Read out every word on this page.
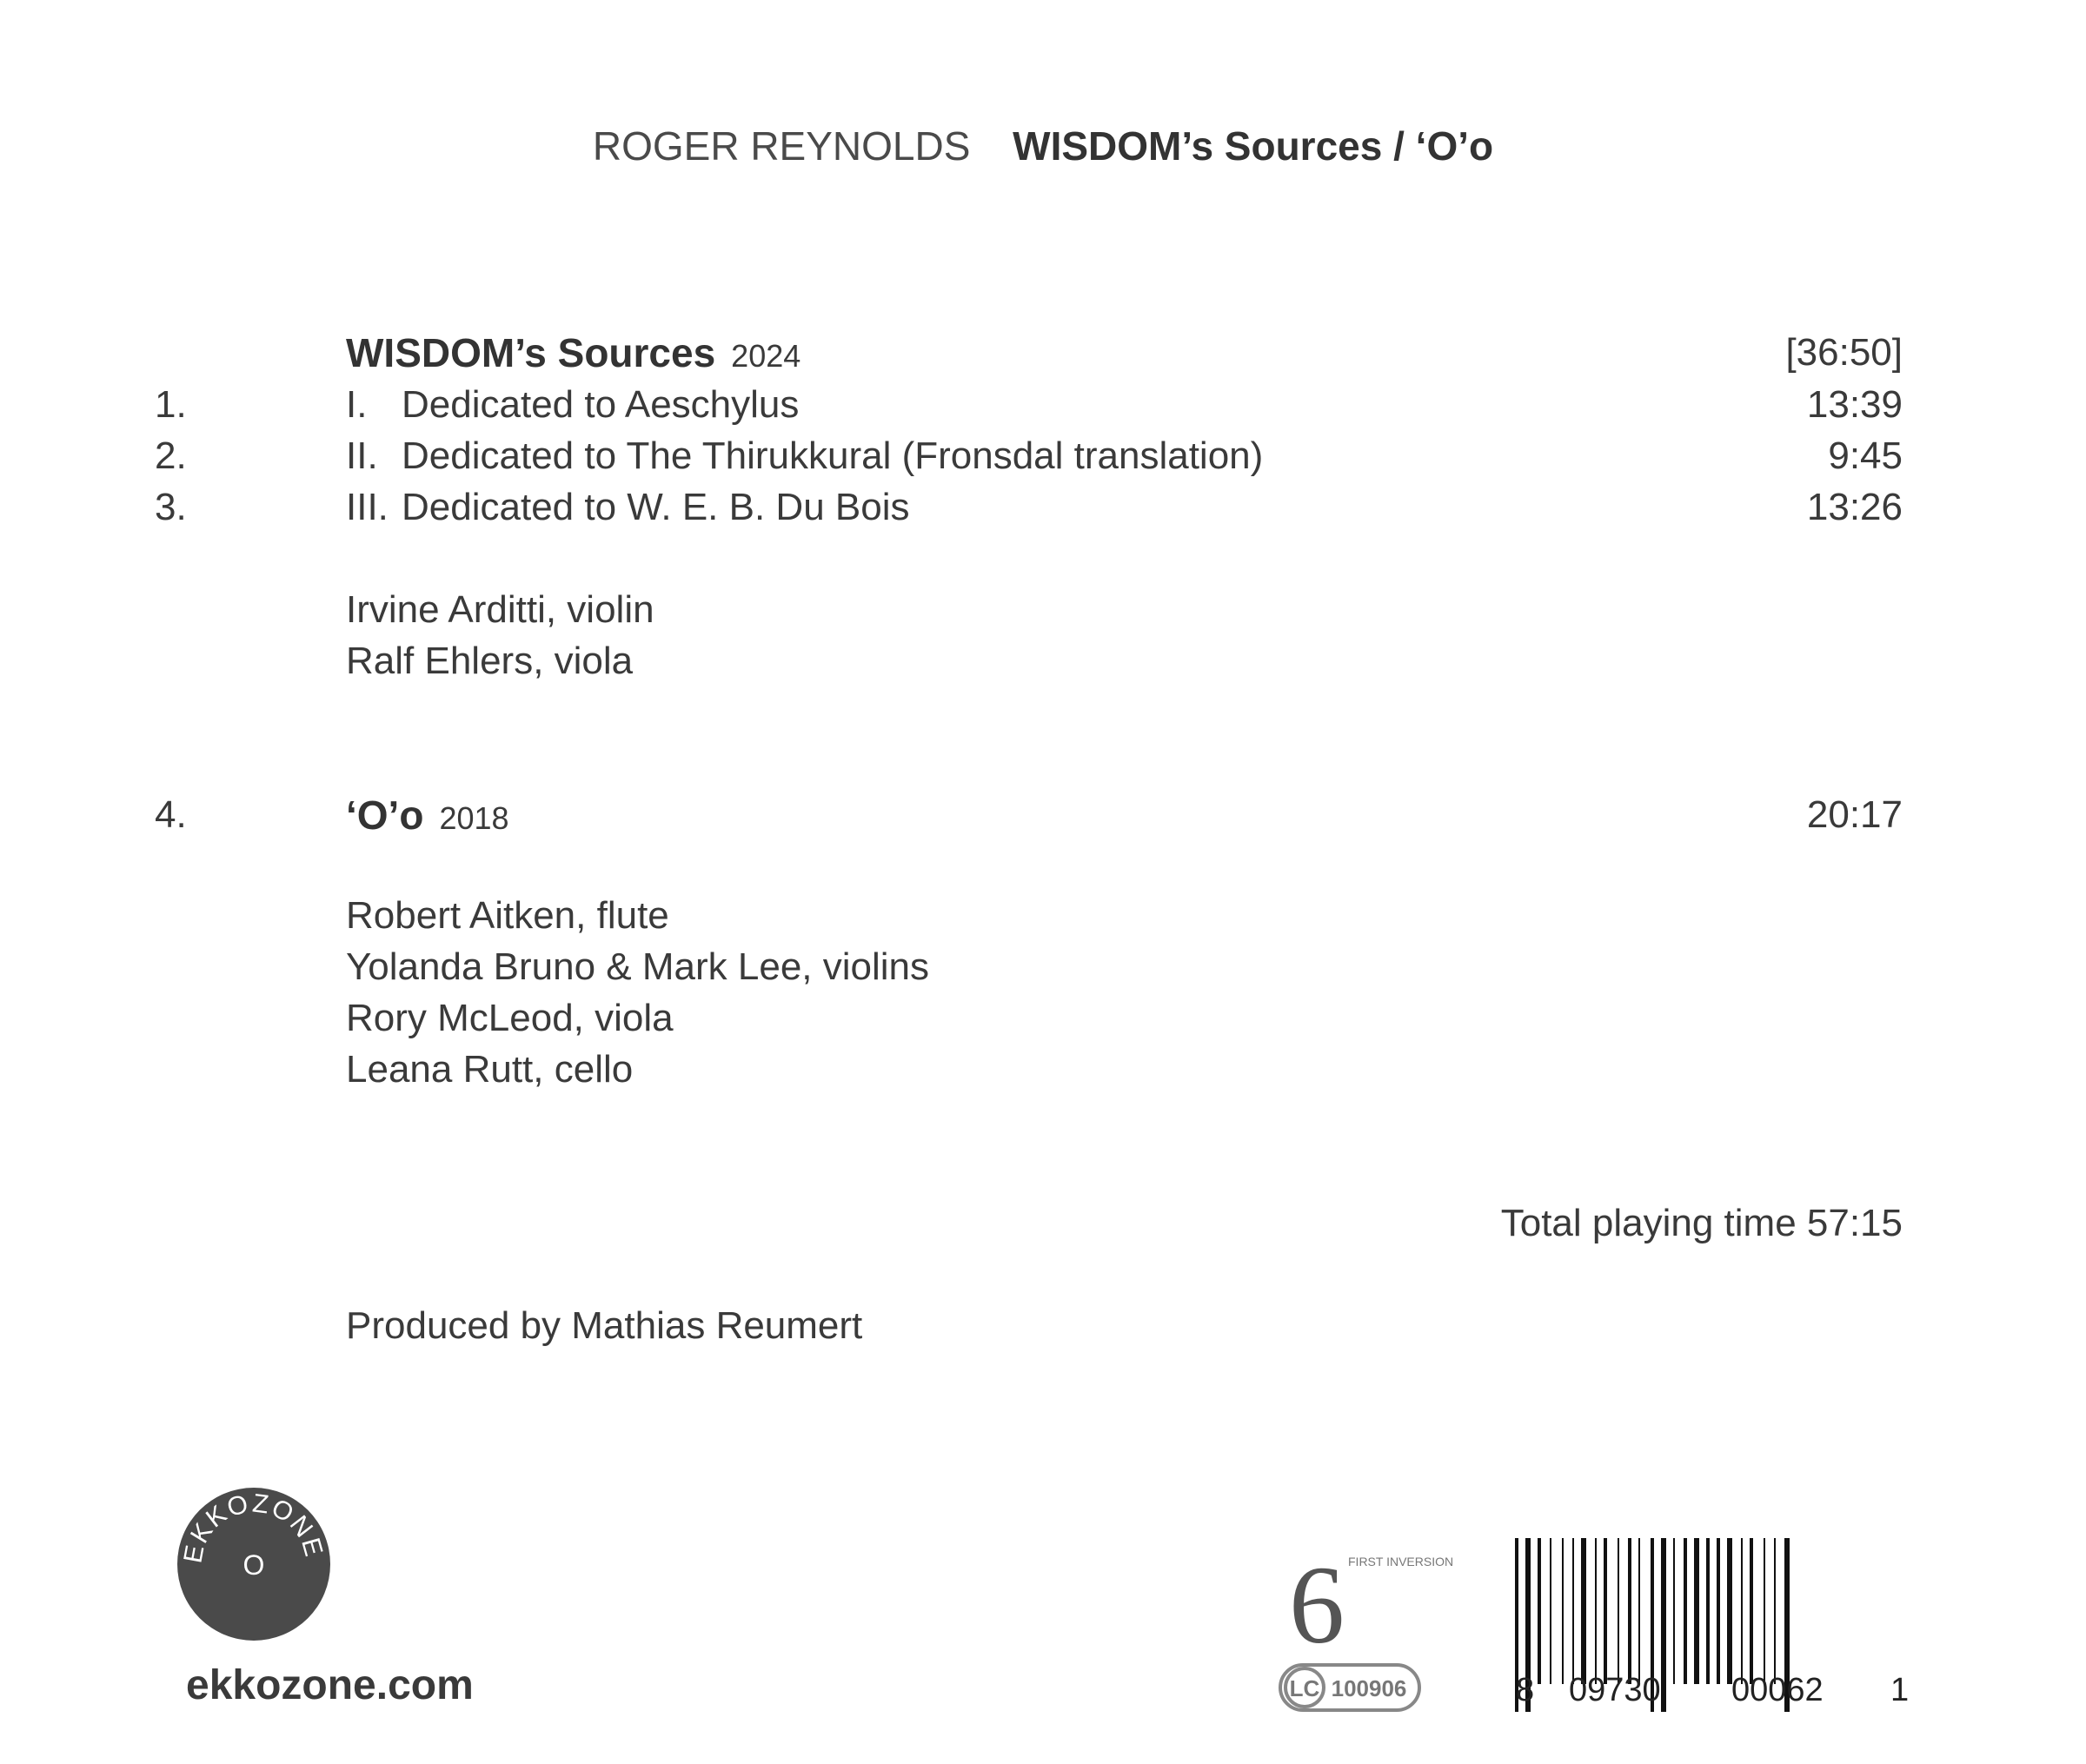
ROGER REYNOLDS WISDOM’s Sources / ‘O’o
WISDOM’s Sources 2024	[36:50]
1.	I. Dedicated to Aeschylus	13:39
2.	II. Dedicated to The Thirukkural (Fronsdal translation)	9:45
3.	III. Dedicated to W. E. B. Du Bois	13:26
Irvine Arditti, violin
Ralf Ehlers, viola
4.	‘O’o 2018	20:17
Robert Aitken, flute
Yolanda Bruno & Mark Lee, violins
Rory McLeod, viola
Leana Rutt, cello
Total playing time 57:15
Produced by Mathias Reumert
EKKOZONE
O
ekkozone.com
6 FIRST INVERSION
LC 100906	8 09730 00062 1
